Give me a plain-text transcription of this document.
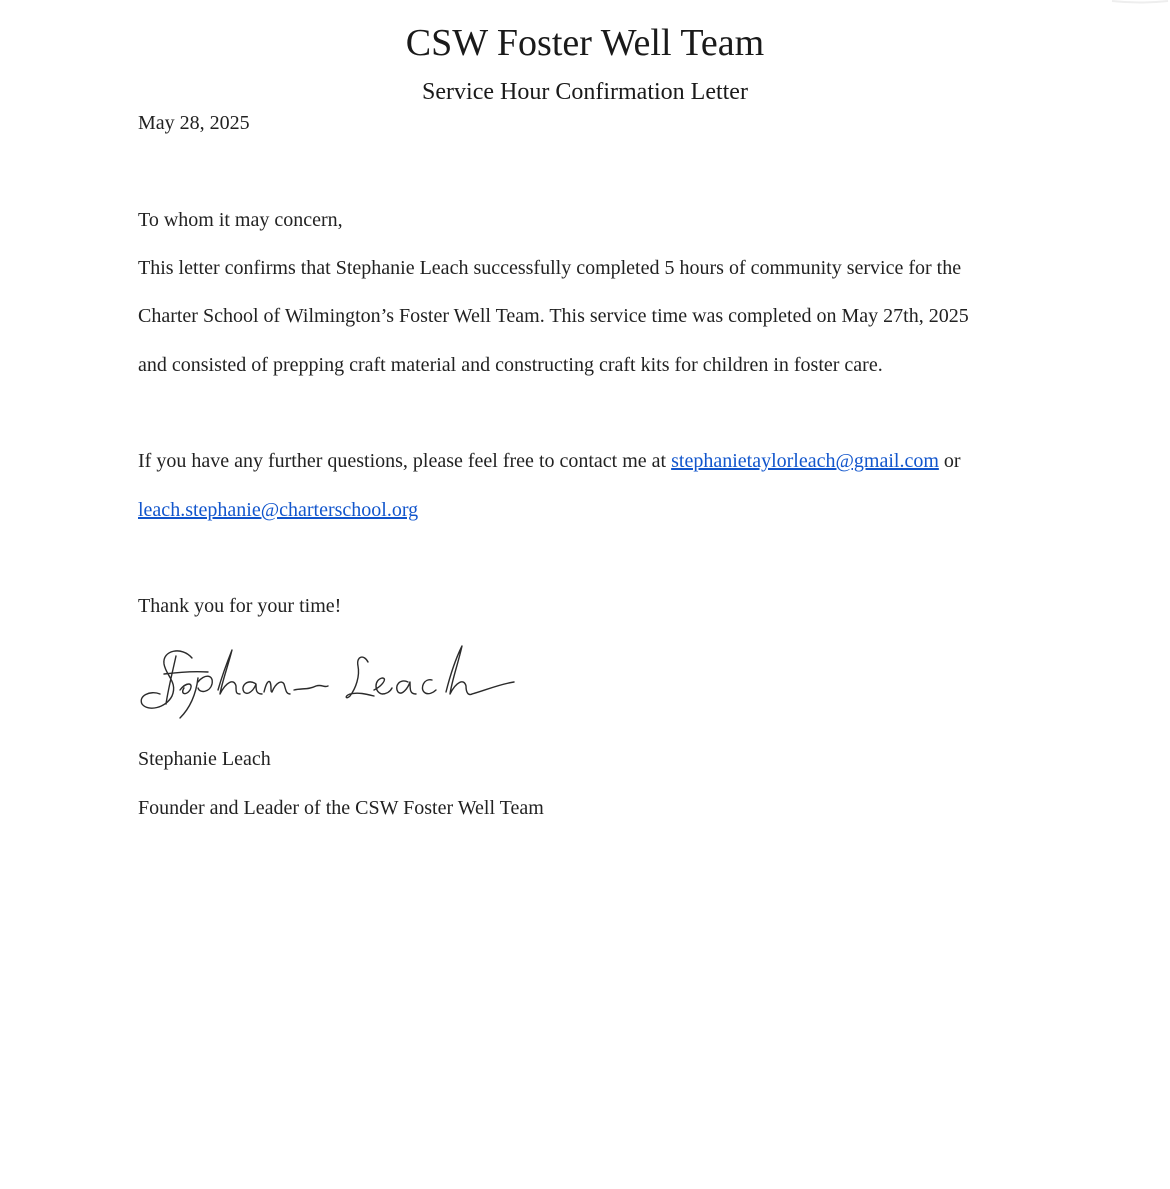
CSW Foster Well Team
Service Hour Confirmation Letter
May 28, 2025
To whom it may concern,
This letter confirms that Stephanie Leach successfully completed 5 hours of community service for the
Charter School of Wilmington’s Foster Well Team. This service time was completed on May 27th, 2025
and consisted of prepping craft material and constructing craft kits for children in foster care.
If you have any further questions, please feel free to contact me at stephanietaylorleach@gmail.com or
leach.stephanie@charterschool.org
Thank you for your time!
Stephanie Leach
Founder and Leader of the CSW Foster Well Team
